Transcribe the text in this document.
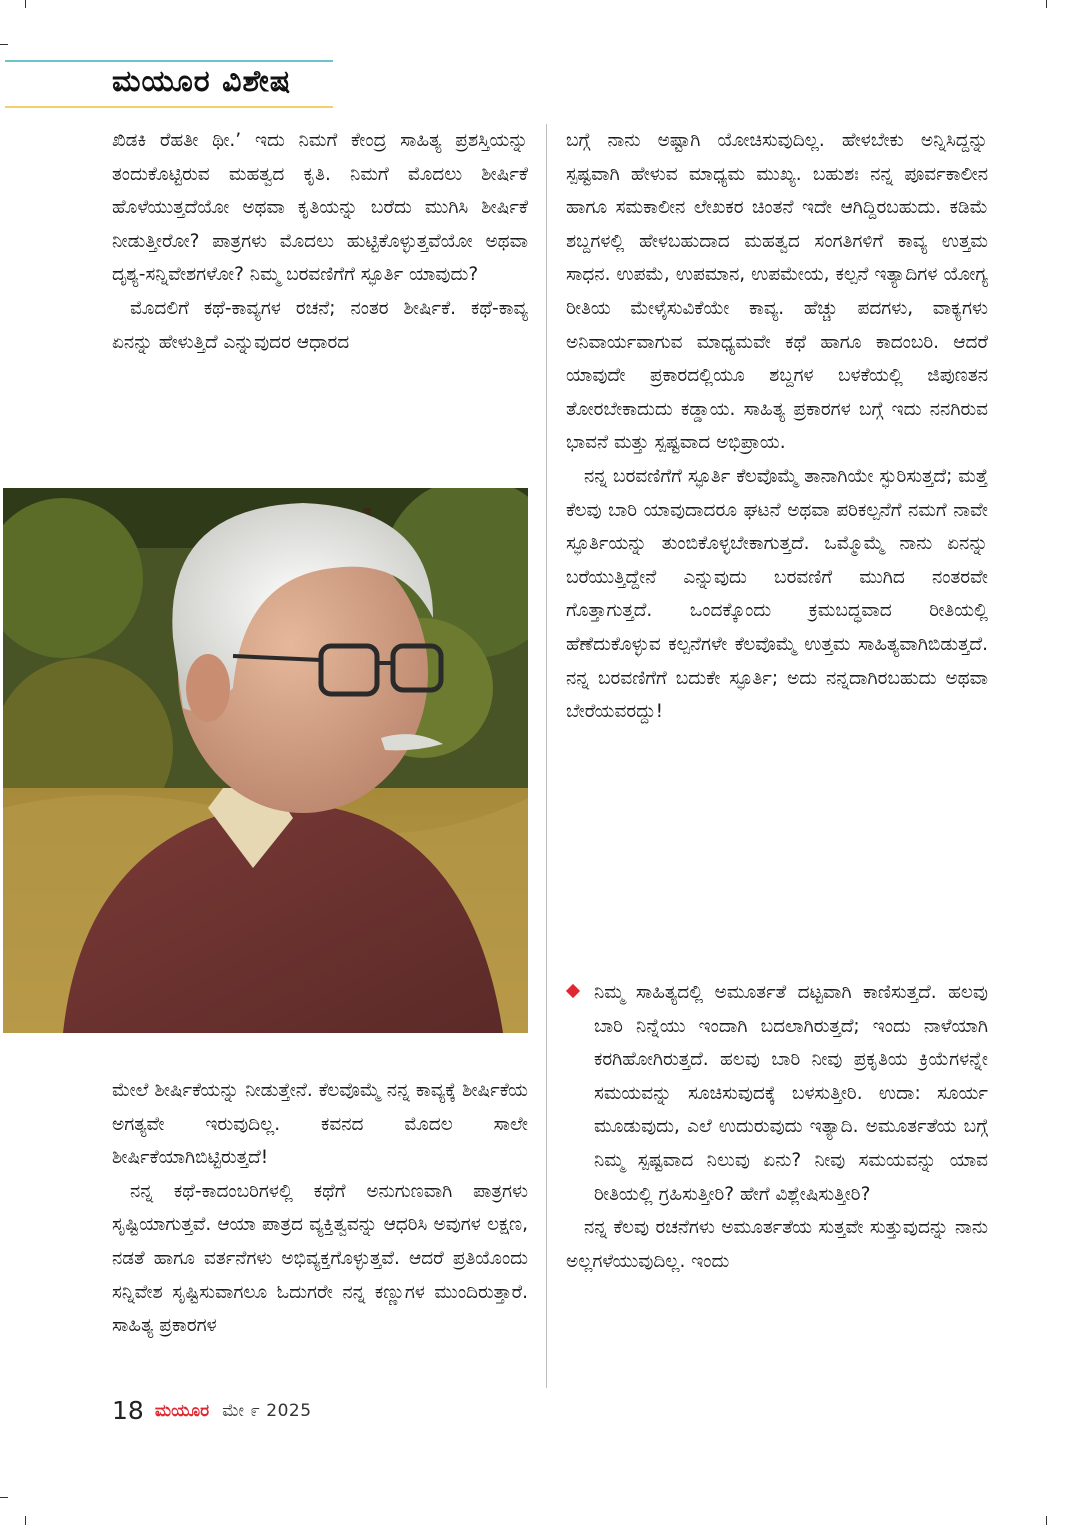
ಮಯೂರ ವಿಶೇಷ

ಖಿಡಕಿ ರೆಹತೀ ಥೀ.’ ಇದು ನಿಮಗೆ ಕೇಂದ್ರ ಸಾಹಿತ್ಯ ಪ್ರಶಸ್ತಿಯನ್ನು ತಂದುಕೊಟ್ಟಿರುವ ಮಹತ್ವದ ಕೃತಿ. ನಿಮಗೆ ಮೊದಲು ಶೀರ್ಷಿಕೆ ಹೊಳೆಯುತ್ತದೆಯೋ ಅಥವಾ ಕೃತಿಯನ್ನು ಬರೆದು ಮುಗಿಸಿ ಶೀರ್ಷಿಕೆ ನೀಡುತ್ತೀರೋ? ಪಾತ್ರಗಳು ಮೊದಲು ಹುಟ್ಟಿಕೊಳ್ಳುತ್ತವೆಯೋ ಅಥವಾ ದೃಶ್ಯ-ಸನ್ನಿವೇಶಗಳೋ? ನಿಮ್ಮ ಬರವಣಿಗೆಗೆ ಸ್ಫೂರ್ತಿ ಯಾವುದು?

ಮೊದಲಿಗೆ ಕಥೆ-ಕಾವ್ಯಗಳ ರಚನೆ; ನಂತರ ಶೀರ್ಷಿಕೆ. ಕಥೆ-ಕಾವ್ಯ ಏನನ್ನು ಹೇಳುತ್ತಿದೆ ಎನ್ನುವುದರ ಆಧಾರದ

ಮೇಲೆ ಶೀರ್ಷಿಕೆಯನ್ನು ನೀಡುತ್ತೇನೆ. ಕೆಲವೊಮ್ಮೆ ನನ್ನ ಕಾವ್ಯಕ್ಕೆ ಶೀರ್ಷಿಕೆಯ ಅಗತ್ಯವೇ ಇರುವುದಿಲ್ಲ. ಕವನದ ಮೊದಲ ಸಾಲೇ ಶೀರ್ಷಿಕೆಯಾಗಿಬಿಟ್ಟಿರುತ್ತದೆ!

ನನ್ನ ಕಥೆ-ಕಾದಂಬರಿಗಳಲ್ಲಿ ಕಥೆಗೆ ಅನುಗುಣವಾಗಿ ಪಾತ್ರಗಳು ಸೃಷ್ಟಿಯಾಗುತ್ತವೆ. ಆಯಾ ಪಾತ್ರದ ವ್ಯಕ್ತಿತ್ವವನ್ನು ಆಧರಿಸಿ ಅವುಗಳ ಲಕ್ಷಣ, ನಡತೆ ಹಾಗೂ ವರ್ತನೆಗಳು ಅಭಿವ್ಯಕ್ತಗೊಳ್ಳುತ್ತವೆ. ಆದರೆ ಪ್ರತಿಯೊಂದು ಸನ್ನಿವೇಶ ಸೃಷ್ಟಿಸುವಾಗಲೂ ಓದುಗರೇ ನನ್ನ ಕಣ್ಣುಗಳ ಮುಂದಿರುತ್ತಾರೆ. ಸಾಹಿತ್ಯ ಪ್ರಕಾರಗಳ

ಬಗ್ಗೆ ನಾನು ಅಷ್ಟಾಗಿ ಯೋಚಿಸುವುದಿಲ್ಲ. ಹೇಳಬೇಕು ಅನ್ನಿಸಿದ್ದನ್ನು ಸ್ಪಷ್ಟವಾಗಿ ಹೇಳುವ ಮಾಧ್ಯಮ ಮುಖ್ಯ. ಬಹುಶಃ ನನ್ನ ಪೂರ್ವಕಾಲೀನ ಹಾಗೂ ಸಮಕಾಲೀನ ಲೇಖಕರ ಚಿಂತನೆ ಇದೇ ಆಗಿದ್ದಿರಬಹುದು. ಕಡಿಮೆ ಶಬ್ದಗಳಲ್ಲಿ ಹೇಳಬಹುದಾದ ಮಹತ್ವದ ಸಂಗತಿಗಳಿಗೆ ಕಾವ್ಯ ಉತ್ತಮ ಸಾಧನ. ಉಪಮೆ, ಉಪಮಾನ, ಉಪಮೇಯ, ಕಲ್ಪನೆ ಇತ್ಯಾದಿಗಳ ಯೋಗ್ಯ ರೀತಿಯ ಮೇಳೈಸುವಿಕೆಯೇ ಕಾವ್ಯ. ಹೆಚ್ಚು ಪದಗಳು, ವಾಕ್ಯಗಳು ಅನಿವಾರ್ಯವಾಗುವ ಮಾಧ್ಯಮವೇ ಕಥೆ ಹಾಗೂ ಕಾದಂಬರಿ. ಆದರೆ ಯಾವುದೇ ಪ್ರಕಾರದಲ್ಲಿಯೂ ಶಬ್ದಗಳ ಬಳಕೆಯಲ್ಲಿ ಜಿಪುಣತನ ತೋರಬೇಕಾದುದು ಕಡ್ಡಾಯ. ಸಾಹಿತ್ಯ ಪ್ರಕಾರಗಳ ಬಗ್ಗೆ ಇದು ನನಗಿರುವ ಭಾವನೆ ಮತ್ತು ಸ್ಪಷ್ಟವಾದ ಅಭಿಪ್ರಾಯ.

ನನ್ನ ಬರವಣಿಗೆಗೆ ಸ್ಫೂರ್ತಿ ಕೆಲವೊಮ್ಮೆ ತಾನಾಗಿಯೇ ಸ್ಫುರಿಸುತ್ತದೆ; ಮತ್ತೆ ಕೆಲವು ಬಾರಿ ಯಾವುದಾದರೂ ಘಟನೆ ಅಥವಾ ಪರಿಕಲ್ಪನೆಗೆ ನಮಗೆ ನಾವೇ ಸ್ಫೂರ್ತಿಯನ್ನು ತುಂಬಿಕೊಳ್ಳಬೇಕಾಗುತ್ತದೆ. ಒಮ್ಮೊಮ್ಮೆ ನಾನು ಏನನ್ನು ಬರೆಯುತ್ತಿದ್ದೇನೆ ಎನ್ನುವುದು ಬರವಣಿಗೆ ಮುಗಿದ ನಂತರವೇ ಗೊತ್ತಾಗುತ್ತದೆ. ಒಂದಕ್ಕೊಂದು ಕ್ರಮಬದ್ಧವಾದ ರೀತಿಯಲ್ಲಿ ಹೆಣೆದುಕೊಳ್ಳುವ ಕಲ್ಪನೆಗಳೇ ಕೆಲವೊಮ್ಮೆ ಉತ್ತಮ ಸಾಹಿತ್ಯವಾಗಿಬಿಡುತ್ತದೆ. ನನ್ನ ಬರವಣಿಗೆಗೆ ಬದುಕೇ ಸ್ಫೂರ್ತಿ; ಅದು ನನ್ನದಾಗಿರಬಹುದು ಅಥವಾ ಬೇರೆಯವರದ್ದು!

ನಿಮ್ಮ ಸಾಹಿತ್ಯದಲ್ಲಿ ಅಮೂರ್ತತೆ ದಟ್ಟವಾಗಿ ಕಾಣಿಸುತ್ತದೆ. ಹಲವು ಬಾರಿ ನಿನ್ನೆಯು ಇಂದಾಗಿ ಬದಲಾಗಿರುತ್ತದೆ; ಇಂದು ನಾಳೆಯಾಗಿ ಕರಗಿಹೋಗಿರುತ್ತದೆ. ಹಲವು ಬಾರಿ ನೀವು ಪ್ರಕೃತಿಯ ಕ್ರಿಯೆಗಳನ್ನೇ ಸಮಯವನ್ನು ಸೂಚಿಸುವುದಕ್ಕೆ ಬಳಸುತ್ತೀರಿ. ಉದಾ: ಸೂರ್ಯ ಮೂಡುವುದು, ಎಲೆ ಉದುರುವುದು ಇತ್ಯಾದಿ. ಅಮೂರ್ತತೆಯ ಬಗ್ಗೆ ನಿಮ್ಮ ಸ್ಪಷ್ಟವಾದ ನಿಲುವು ಏನು? ನೀವು ಸಮಯವನ್ನು ಯಾವ ರೀತಿಯಲ್ಲಿ ಗ್ರಹಿಸುತ್ತೀರಿ? ಹೇಗೆ ವಿಶ್ಲೇಷಿಸುತ್ತೀರಿ?

ನನ್ನ ಕೆಲವು ರಚನೆಗಳು ಅಮೂರ್ತತೆಯ ಸುತ್ತವೇ ಸುತ್ತುವುದನ್ನು ನಾನು ಅಲ್ಲಗಳೆಯುವುದಿಲ್ಲ. ಇಂದು

18 ಮಯೂರ ಮೇ ೯ 2025
